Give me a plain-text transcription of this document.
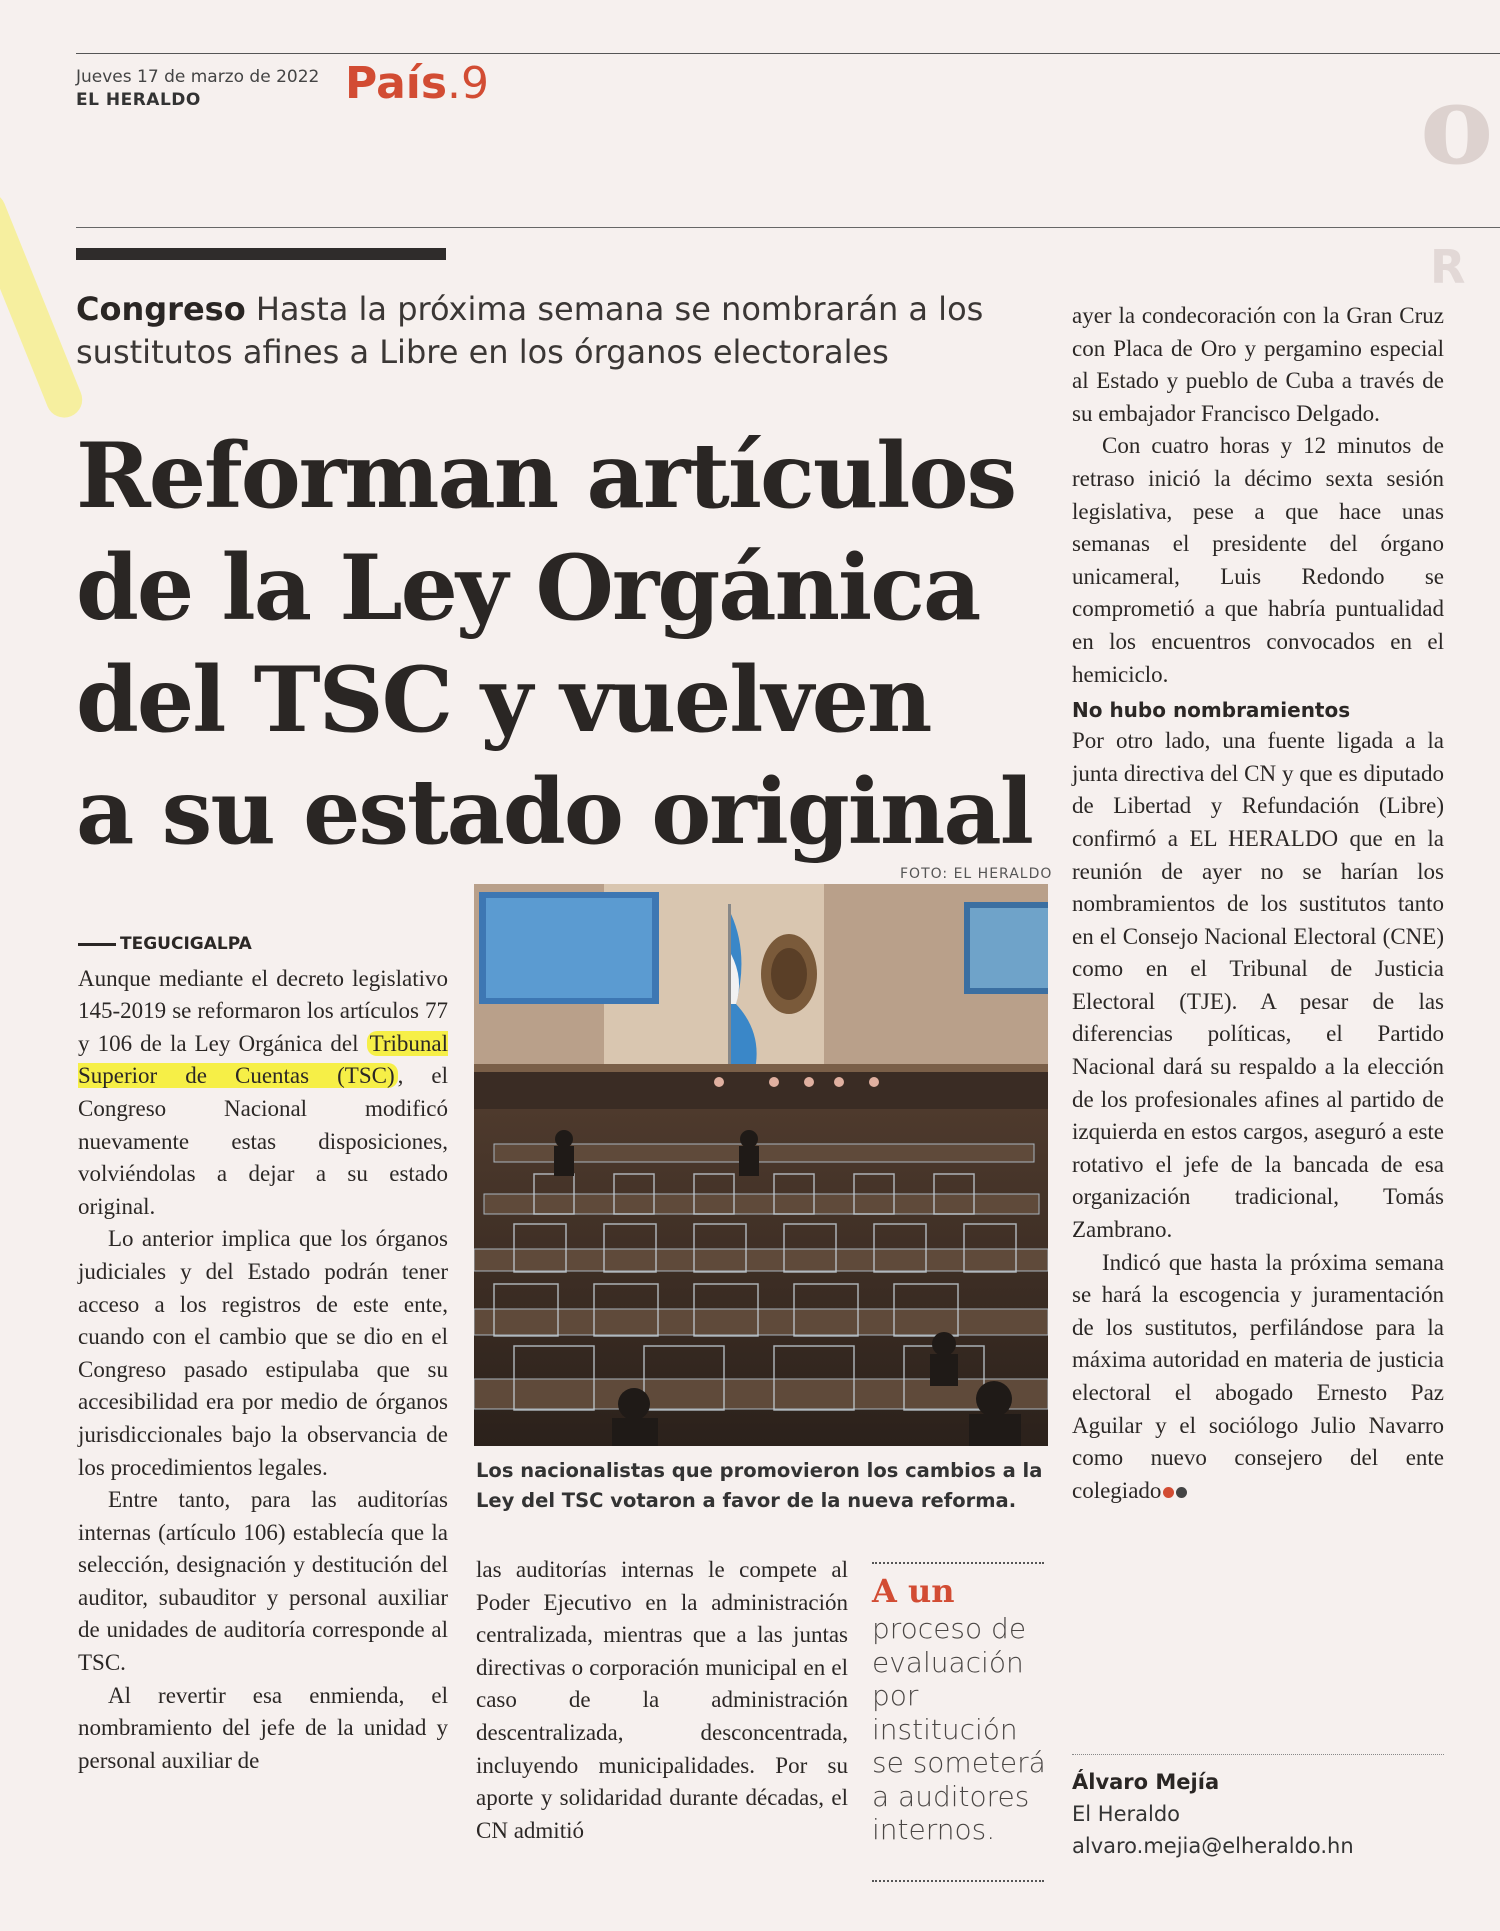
o
R
Jueves 17 de marzo de 2022
EL HERALDO	País.9
Congreso Hasta la próxima semana se nombrarán a los sustitutos afines a Libre en los órganos electorales
Reforman artículos
de la Ley Orgánica
del TSC y vuelven
a su estado original
TEGUCIGALPA

Aunque mediante el decreto legislativo 145-2019 se reformaron los artículos 77 y 106 de la Ley Orgánica del Tribunal Superior de Cuentas (TSC) , el Congreso Nacional modificó nuevamente estas disposiciones, volviéndolas a dejar a su estado original.

Lo anterior implica que los órganos judiciales y del Estado podrán tener acceso a los registros de este ente, cuando con el cambio que se dio en el Congreso pasado estipulaba que su accesibilidad era por medio de órganos jurisdiccionales bajo la observancia de los procedimientos legales.

Entre tanto, para las auditorías internas (artículo 106) establecía que la selección, designación y destitución del auditor, subauditor y personal auxiliar de unidades de auditoría corresponde al TSC.

Al revertir esa enmienda, el nombramiento del jefe de la unidad y personal auxiliar de

FOTO: EL HERALDO
Los nacionalistas que promovieron los cambios a la Ley del TSC votaron a favor de la nueva reforma.

las auditorías internas le compete al Poder Ejecutivo en la administración centralizada, mientras que a las juntas directivas o corporación municipal en el caso de la administración descentralizada, desconcentrada, incluyendo municipalidades. Por su aporte y solidaridad durante décadas, el CN admitió

A un
proceso de evaluación por institución se someterá a auditores internos.

ayer la condecoración con la Gran Cruz con Placa de Oro y pergamino especial al Estado y pueblo de Cuba a través de su embajador Francisco Delgado.

Con cuatro horas y 12 minutos de retraso inició la décimo sexta sesión legislativa, pese a que hace unas semanas el presidente del órgano unicameral, Luis Redondo se comprometió a que habría puntualidad en los encuentros convocados en el hemiciclo.

No hubo nombramientos

Por otro lado, una fuente ligada a la junta directiva del CN y que es diputado de Libertad y Refundación (Libre) confirmó a EL HERALDO que en la reunión de ayer no se harían los nombramientos de los sustitutos tanto en el Consejo Nacional Electoral (CNE) como en el Tribunal de Justicia Electoral (TJE). A pesar de las diferencias políticas, el Partido Nacional dará su respaldo a la elección de los profesionales afines al partido de izquierda en estos cargos, aseguró a este rotativo el jefe de la bancada de esa organización tradicional, Tomás Zambrano.

Indicó que hasta la próxima semana se hará la escogencia y juramentación de los sustitutos, perfilándose para la máxima autoridad en materia de justicia electoral el abogado Ernesto Paz Aguilar y el sociólogo Julio Navarro como nuevo consejero del ente colegiado

Álvaro Mejía
El Heraldo
alvaro.mejia@elheraldo.hn
